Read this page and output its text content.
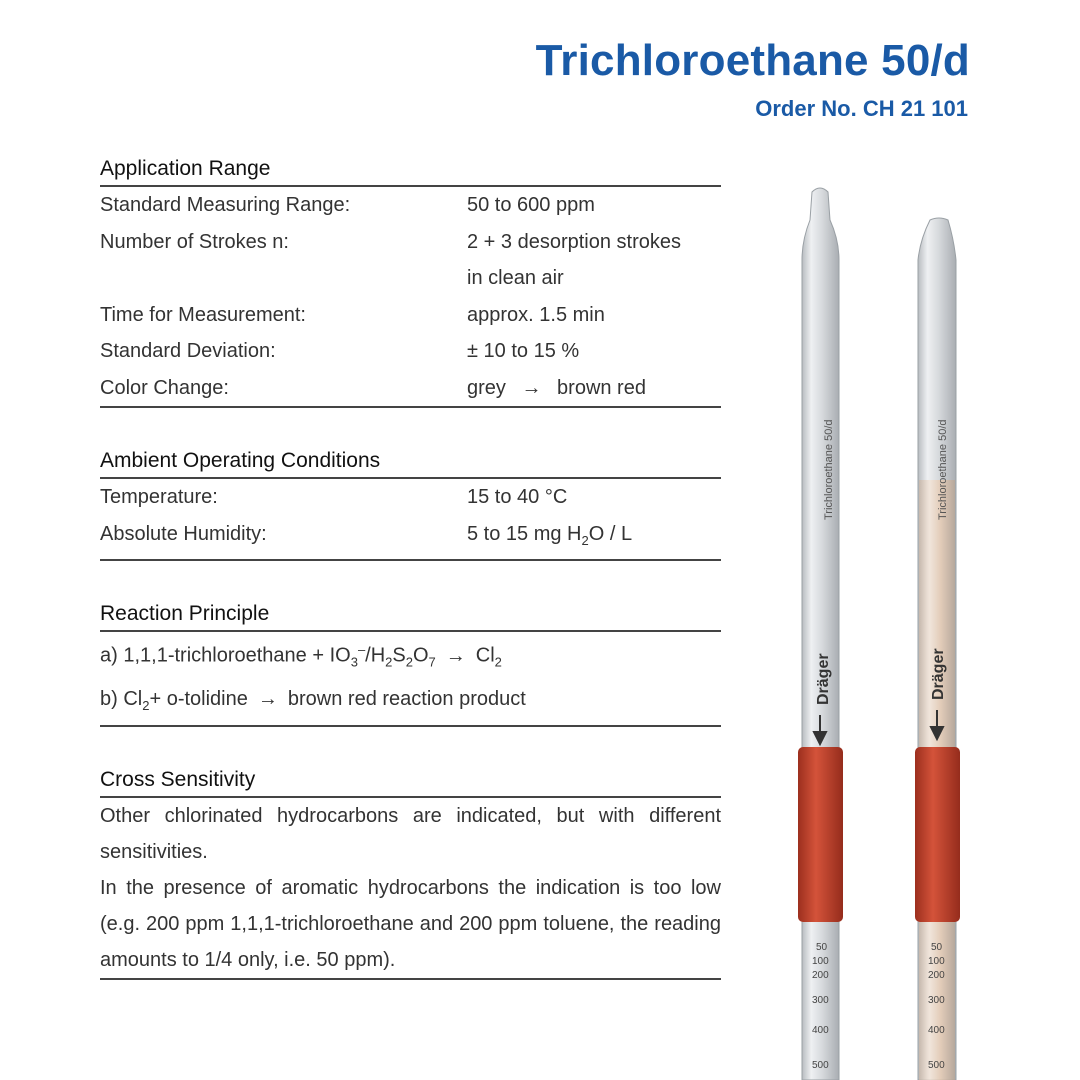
Trichloroethane 50/d
Order No. CH 21 101
Application Range
Standard Measuring Range:	50 to 600 ppm
Number of Strokes n:	2 + 3 desorption strokes
in clean air
Time for Measurement:	approx. 1.5 min
Standard Deviation:	± 10 to 15 %
Color Change:	grey → brown red
Ambient Operating Conditions
Temperature:	15 to 40 °C
Absolute Humidity:	5 to 15 mg $H_2O$ / L
Reaction Principle
a) 1,1,1-trichloroethane + $IO_3^-/H_2S_2O_7 \to Cl_2$
b) $Cl_2+$ o-tolidine → brown red reaction product
Cross Sensitivity
Other chlorinated hydrocarbons are indicated, but with different sensitivities.
In the presence of aromatic hydrocarbons the indication is too low (e.g. 200 ppm 1,1,1-trichloroethane and 200 ppm toluene, the reading amounts to 1/4 only, i.e. 50 ppm).
Trichloroethane 50/d
Dräger
50
100
200
300
400
500
Trichloroethane 50/d
Dräger
50
100
200
300
400
500
